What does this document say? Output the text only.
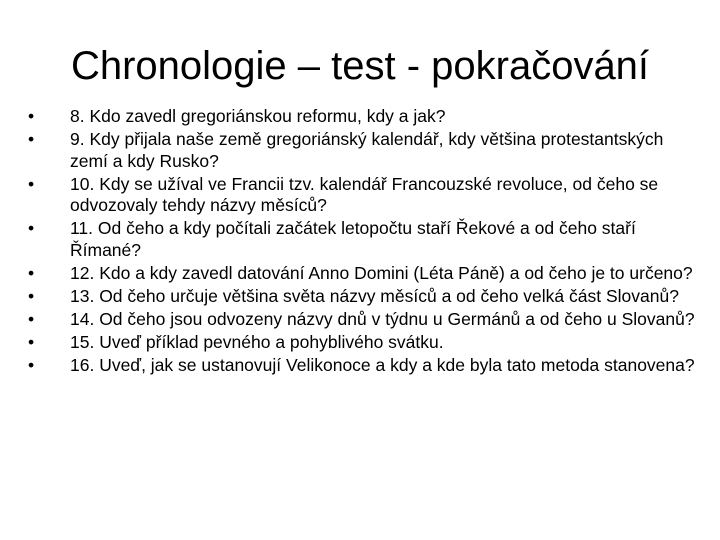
Chronologie – test - pokračování
•	8. Kdo zavedl gregoriánskou reformu, kdy a jak?
•	9. Kdy přijala naše země gregoriánský kalendář, kdy většina protestantských zemí a kdy Rusko?
•	10. Kdy se užíval ve Francii tzv. kalendář Francouzské revoluce, od čeho se odvozovaly tehdy názvy měsíců?
•	11. Od čeho a kdy počítali začátek letopočtu staří Řekové a od čeho staří Římané?
•	12. Kdo a kdy zavedl datování Anno Domini (Léta Páně) a od čeho je to určeno?
•	13. Od čeho určuje většina světa názvy měsíců a od čeho velká část Slovanů?
•	14. Od čeho jsou odvozeny názvy dnů v týdnu u Germánů a od čeho u Slovanů?
•	15. Uveď příklad pevného a pohyblivého svátku.
•	16. Uveď, jak se ustanovují Velikonoce a kdy a kde byla tato metoda stanovena?
